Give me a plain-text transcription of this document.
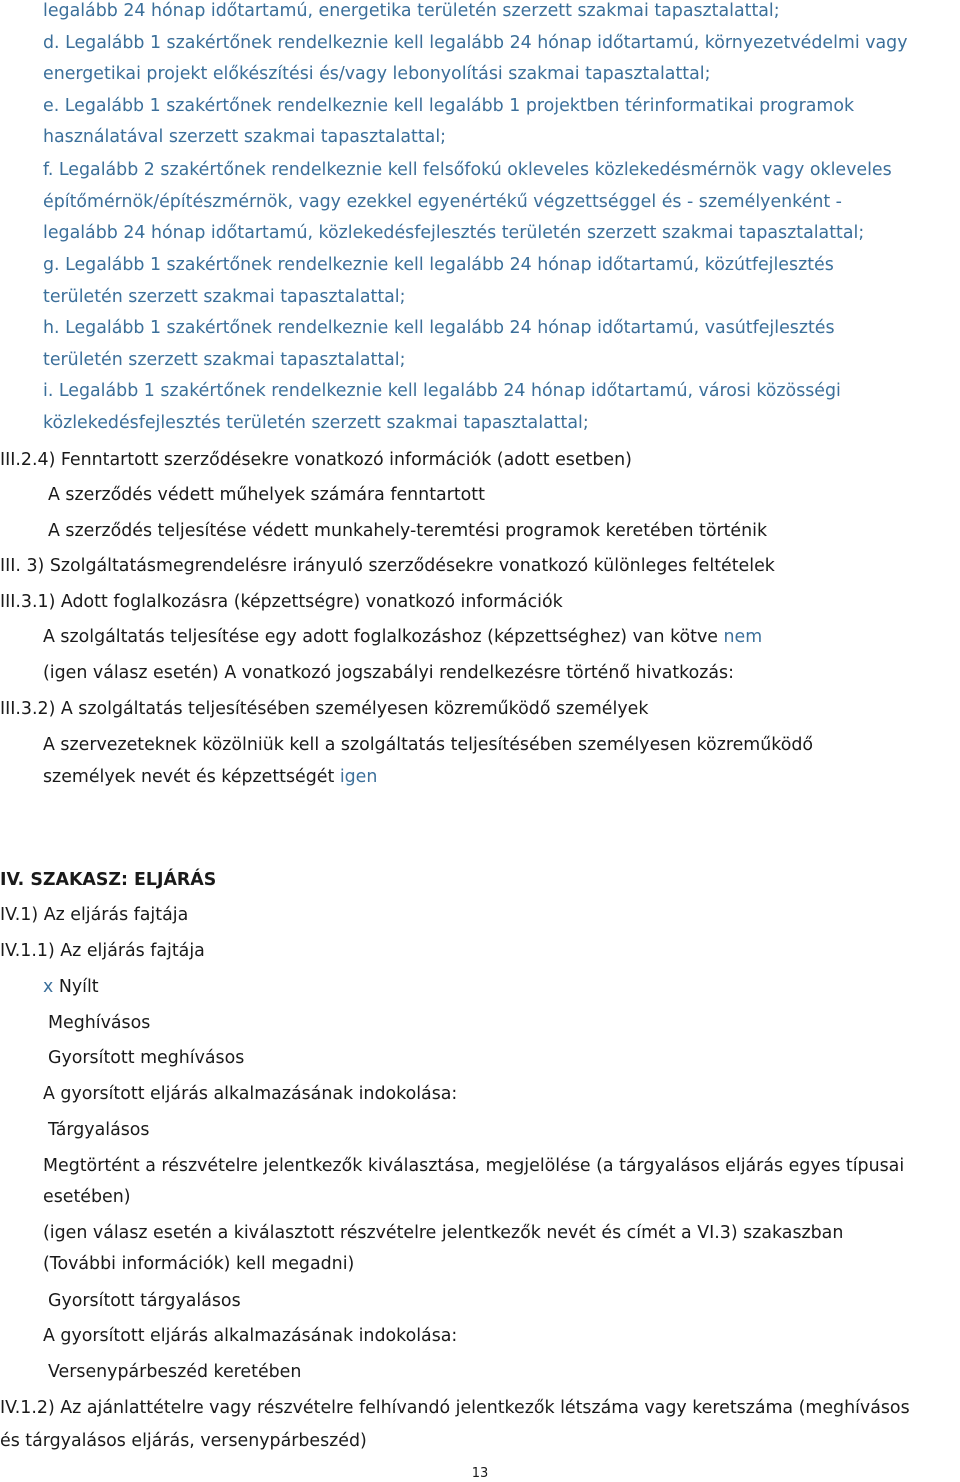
legalább 24 hónap időtartamú, energetika területén szerzett szakmai tapasztalattal;
d. Legalább 1 szakértőnek rendelkeznie kell legalább 24 hónap időtartamú, környezetvédelmi vagy
energetikai projekt előkészítési és/vagy lebonyolítási szakmai tapasztalattal;
e. Legalább 1 szakértőnek rendelkeznie kell legalább 1 projektben térinformatikai programok
használatával szerzett szakmai tapasztalattal;
f. Legalább 2 szakértőnek rendelkeznie kell felsőfokú okleveles közlekedésmérnök vagy okleveles
építőmérnök/építészmérnök, vagy ezekkel egyenértékű végzettséggel és - személyenként -
legalább 24 hónap időtartamú, közlekedésfejlesztés területén szerzett szakmai tapasztalattal;
g. Legalább 1 szakértőnek rendelkeznie kell legalább 24 hónap időtartamú, közútfejlesztés
területén szerzett szakmai tapasztalattal;
h. Legalább 1 szakértőnek rendelkeznie kell legalább 24 hónap időtartamú, vasútfejlesztés
területén szerzett szakmai tapasztalattal;
i. Legalább 1 szakértőnek rendelkeznie kell legalább 24 hónap időtartamú, városi közösségi
közlekedésfejlesztés területén szerzett szakmai tapasztalattal;
III.2.4) Fenntartott szerződésekre vonatkozó információk (adott esetben)
A szerződés védett műhelyek számára fenntartott
A szerződés teljesítése védett munkahely-teremtési programok keretében történik
III. 3) Szolgáltatásmegrendelésre irányuló szerződésekre vonatkozó különleges feltételek
III.3.1) Adott foglalkozásra (képzettségre) vonatkozó információk
A szolgáltatás teljesítése egy adott foglalkozáshoz (képzettséghez) van kötve nem
(igen válasz esetén) A vonatkozó jogszabályi rendelkezésre történő hivatkozás:
III.3.2) A szolgáltatás teljesítésében személyesen közreműködő személyek
A szervezeteknek közölniük kell a szolgáltatás teljesítésében személyesen közreműködő
személyek nevét és képzettségét igen
IV. SZAKASZ: ELJÁRÁS
IV.1) Az eljárás fajtája
IV.1.1) Az eljárás fajtája
x Nyílt
Meghívásos
Gyorsított meghívásos
A gyorsított eljárás alkalmazásának indokolása:
Tárgyalásos
Megtörtént a részvételre jelentkezők kiválasztása, megjelölése (a tárgyalásos eljárás egyes típusai
esetében)
(igen válasz esetén a kiválasztott részvételre jelentkezők nevét és címét a VI.3) szakaszban
(További információk) kell megadni)
Gyorsított tárgyalásos
A gyorsított eljárás alkalmazásának indokolása:
Versenypárbeszéd keretében
IV.1.2) Az ajánlattételre vagy részvételre felhívandó jelentkezők létszáma vagy keretszáma (meghívásos
és tárgyalásos eljárás, versenypárbeszéd)
13
